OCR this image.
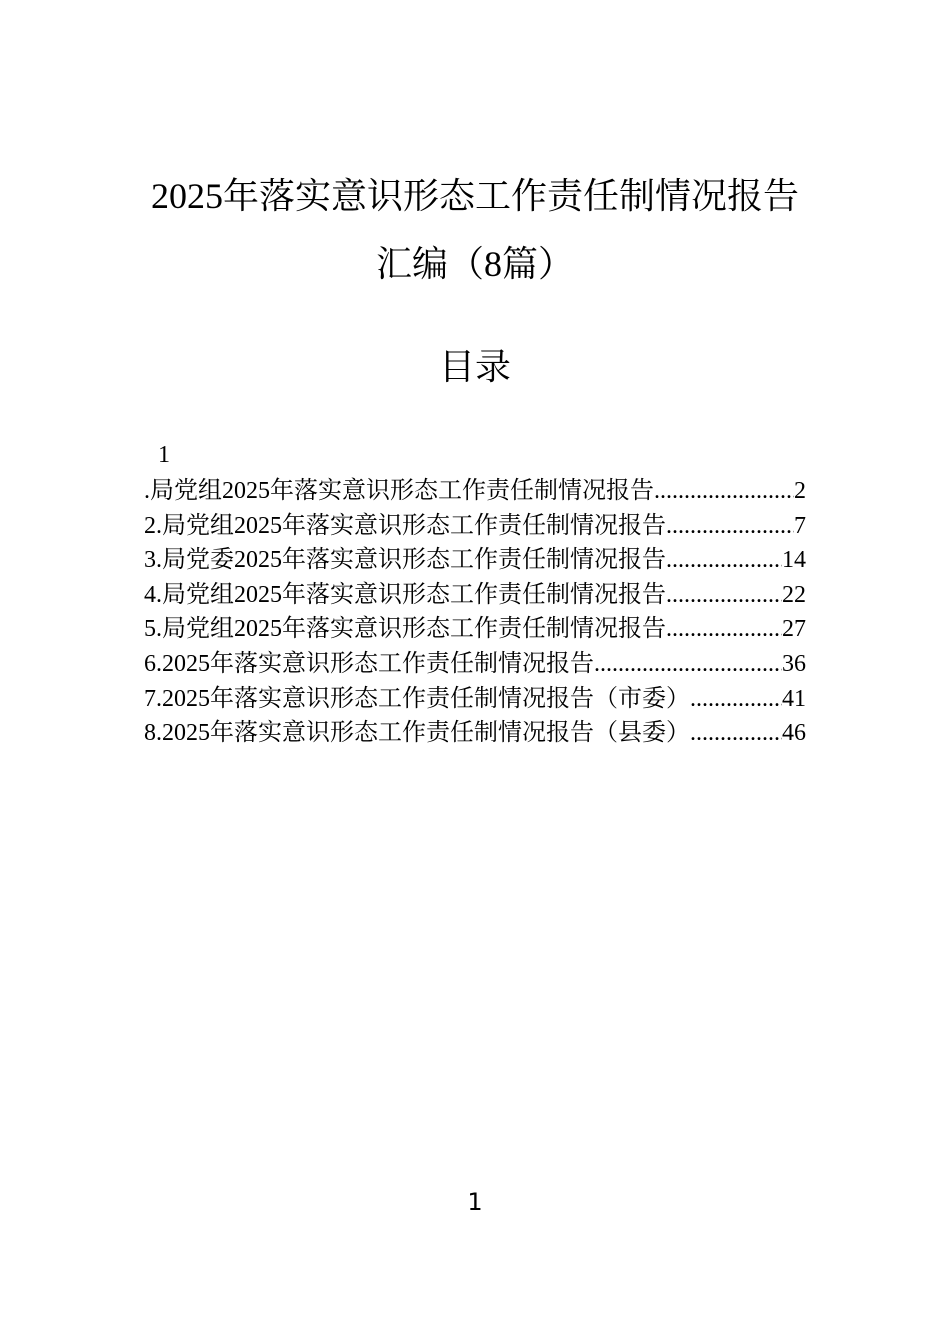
2025年落实意识形态工作责任制情况报告
汇编（8篇）
目录
1
.局党组2025年落实意识形态工作责任制情况报告 .....	2
2.局党组2025年落实意识形态工作责任制情况报告 .....	7
3.局党委2025年落实意识形态工作责任制情况报告 .....	14
4.局党组2025年落实意识形态工作责任制情况报告 .....	22
5.局党组2025年落实意识形态工作责任制情况报告 .....	27
6.2025年落实意识形态工作责任制情况报告 .....	36
7.2025年落实意识形态工作责任制情况报告（市委） .....	41
8.2025年落实意识形态工作责任制情况报告（县委） .....	46
1
